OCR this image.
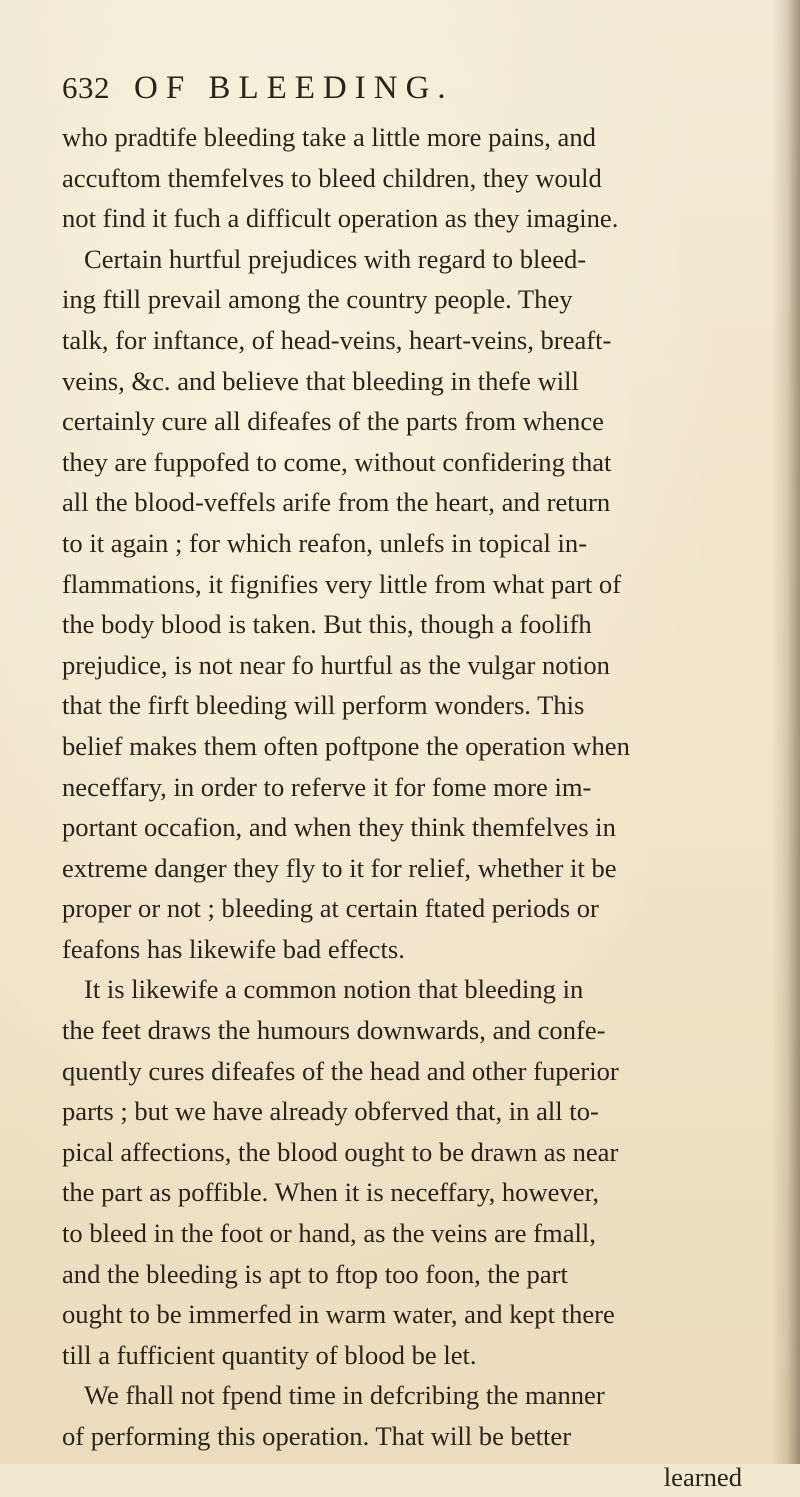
632 OF BLEEDING.
who pradtife bleeding take a little more pains, and
accuftom themfelves to bleed children, they would
not find it fuch a difficult operation as they imagine.
Certain hurtful prejudices with regard to bleed-
ing ftill prevail among the country people. They
talk, for inftance, of head-veins, heart-veins, breaft-
veins, &c. and believe that bleeding in thefe will
certainly cure all difeafes of the parts from whence
they are fuppofed to come, without confidering that
all the blood-veffels arife from the heart, and return
to it again ; for which reafon, unlefs in topical in-
flammations, it fignifies very little from what part of
the body blood is taken. But this, though a foolifh
prejudice, is not near fo hurtful as the vulgar notion
that the firft bleeding will perform wonders. This
belief makes them often poftpone the operation when
neceffary, in order to referve it for fome more im-
portant occafion, and when they think themfelves in
extreme danger they fly to it for relief, whether it be
proper or not ; bleeding at certain ftated periods or
feafons has likewife bad effects.
It is likewife a common notion that bleeding in
the feet draws the humours downwards, and confe-
quently cures difeafes of the head and other fuperior
parts ; but we have already obferved that, in all to-
pical affections, the blood ought to be drawn as near
the part as poffible. When it is neceffary, however,
to bleed in the foot or hand, as the veins are fmall,
and the bleeding is apt to ftop too foon, the part
ought to be immerfed in warm water, and kept there
till a fufficient quantity of blood be let.
We fhall not fpend time in defcribing the manner
of performing this operation. That will be better
learned
